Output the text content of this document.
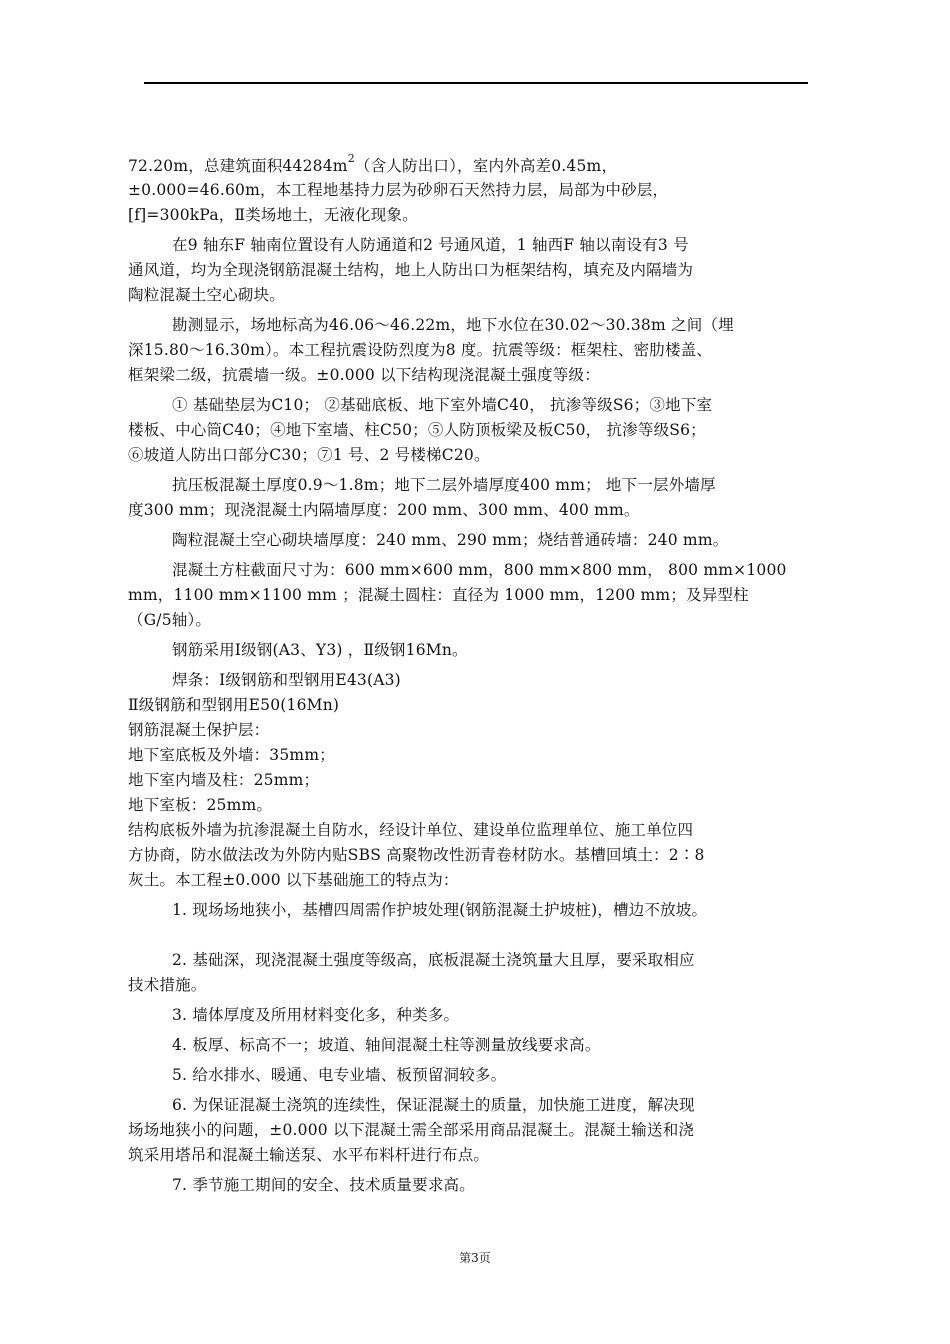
72.20m，总建筑面积$44284m^2$（含人防出口），室内外高差0.45m，
±0.000=46.60m，本工程地基持力层为砂卵石天然持力层，局部为中砂层，
[f]=300kPa，Ⅱ类场地土，无液化现象。
在9 轴东F 轴南位置设有人防通道和2 号通风道，1 轴西F 轴以南设有3 号
通风道，均为全现浇钢筋混凝土结构，地上人防出口为框架结构，填充及内隔墙为
陶粒混凝土空心砌块。
勘测显示，场地标高为46.06～46.22m，地下水位在30.02～30.38m 之间（埋
深15.80～16.30m）。本工程抗震设防烈度为8 度。抗震等级：框架柱、密肋楼盖、
框架梁二级，抗震墙一级。±0.000 以下结构现浇混凝土强度等级：
① 基础垫层为C10； ②基础底板、地下室外墙C40， 抗渗等级S6；③地下室
楼板、中心筒C40；④地下室墙、柱C50；⑤人防顶板梁及板C50， 抗渗等级S6；
⑥坡道人防出口部分C30；⑦1 号、2 号楼梯C20。
抗压板混凝土厚度0.9～1.8m；地下二层外墙厚度400 mm； 地下一层外墙厚
度300 mm；现浇混凝土内隔墙厚度：200 mm、300 mm、400 mm。
陶粒混凝土空心砌块墙厚度：240 mm、290 mm；烧结普通砖墙：240 mm。
混凝土方柱截面尺寸为：600 mm×600 mm，800 mm×800 mm， 800 mm×1000
mm，1100 mm×1100 mm ；混凝土圆柱：直径为 1000 mm，1200 mm；及异型柱
（G/5轴）。
钢筋采用Ⅰ级钢(A3、Y3) ，Ⅱ级钢16Mn。
焊条：Ⅰ级钢筋和型钢用E43(A3)
Ⅱ级钢筋和型钢用E50(16Mn)
钢筋混凝土保护层：
地下室底板及外墙：35mm；
地下室内墙及柱：25mm；
地下室板：25mm。
结构底板外墙为抗渗混凝土自防水，经设计单位、建设单位监理单位、施工单位四
方协商，防水做法改为外防内贴SBS 高聚物改性沥青卷材防水。基槽回填土：2∶8
灰土。本工程±0.000 以下基础施工的特点为：
1. 现场场地狭小，基槽四周需作护坡处理(钢筋混凝土护坡桩)，槽边不放坡。
2. 基础深，现浇混凝土强度等级高，底板混凝土浇筑量大且厚，要采取相应
技术措施。
3. 墙体厚度及所用材料变化多，种类多。
4. 板厚、标高不一；坡道、轴间混凝土柱等测量放线要求高。
5. 给水排水、暖通、电专业墙、板预留洞较多。
6. 为保证混凝土浇筑的连续性，保证混凝土的质量，加快施工进度，解决现
场场地狭小的问题，±0.000 以下混凝土需全部采用商品混凝土。混凝土输送和浇
筑采用塔吊和混凝土输送泵、水平布料杆进行布点。
7. 季节施工期间的安全、技术质量要求高。
第3页
